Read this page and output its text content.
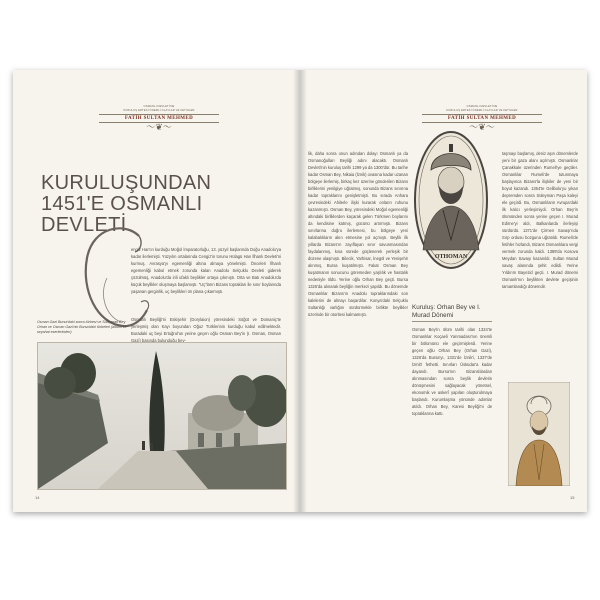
OSMANLI DEVLETİ'NE
KURULUŞ ERTESİ ÖNEMLİ OLAYLAR VE FETİHLER
FATİH SULTAN MEHMED
〜❦〜
KURULUŞUNDAN
1451'E OSMANLI DEVLETİ
engiz Han'ın kurduğu Moğol İmparatorluğu, 13. yüzyıl başlarında Doğu Anadolu'ya kadar ilerlemişti. Yüzyılın ortalarında Cengiz'in torunu Hülagü Han İlhanlı Devleti'ni kurmuş, Avrasya'yı egemenliği altına almaya yönelmişti. Önceleri İlhanlı egemenliği kabul etmek zorunda kalan Anadolu Selçuklu Devleti giderek çözülmüş, Anadolu'da irili ufaklı beylikler ortaya çıkmıştı. Orta ve Batı Anadolu'da küçük beylikler oluşmaya başlamıştı. "Uç"ların Bizans toprakları ile sınır boylarında yaşanan gerginlik, uç beylikleri ön plana çıkarmıştı.
Osmanlı Beyliği'ni Eskişehir (Dorylaion) yöresindeki Söğüt ve Domaniç'te yerleşmiş olan Kayı boyundan Oğuz Türklerinin kurduğu kabul edilmektedir. Buradaki uç beyi Ertuğrul'un yerine geçen oğlu Osman Bey'in (I. Osman, Osman Gazi) başında bulunduğu bey-
Osman Gazi Bursa'daki sonra türbesi ve Süleyman Bey Orhan ve Osman Gazi'nin Bursa'daki türbeleri (albüm ve seyahat eserlerinden)
14
OSMANLI DEVLETİ'NE
KURULUŞ ERTESİ ÖNEMLİ OLAYLAR VE FETİHLER
FATİH SULTAN MEHMED
〜❦〜
lik, daha sonra onun adından dolayı Osmanlı ya da Osmanoğulları Beyliği adını alacaktı. Osmanlı Devleti'nin kuruluş tarihi 1299 ya da 1300'dür. Bu tarihe kadar Osman Bey, Nikaia (İznik) ovasına kadar uzanan bölgeye ilerlemiş, birkaç kez üzerine gönderilen Bizans birliklerini yenilgiye uğratmış, sonunda Bizans sınırına kadar topraklarını genişletmişti. Bu sırada Anhara çevresindeki Ahilerle ilişki kurarak onların ruhunu kazanmıştı. Osman Bey, yöresindeki Moğol egemenliği altındaki birliklerden kaçarak gelen Türkmen boylarını da kendisine katmış, gücünü artırmıştı. Bizans sınırlarına doğru ilerlemesi, bu bölgeye yeni kalabalıkların akın etmesine yol açmıştı. Beylik ilk yıllarda Bizans'ın zayıflayan sınır savunmasından faydalanmış, kısa sürede güçlenerek yerleşik bir düzene ulaşmıştı. Bilecik, Yarhisar, İnegöl ve Yenişehir alınmış, Bursa kuşatılmıştı. Fakat Osman Bey kuşatmanın sonucunu göremeden yaşlılık ve hastalık nedeniyle öldü. Yerine oğlu Orhan Bey geçti. Bursa 1326'da alınarak beyliğin merkezi yapıldı. Bu dönemde Osmanlılar Bizans'ın Anadolu topraklarındaki son kalelerini de almayı başardılar. Konya'daki Selçuklu Sultanlığı varlığını sürdürmekle birlikte beylikler üzerinde bir otoritesi kalmamıştı.
OTHOMAN
Kuruluş: Orhan Bey ve I. Murad Dönemi
Osman Bey'in ölüm tarihi olan 1324'te Osmanlılar Koçaeli Yarımadası'nın önemli bir bölümünü ele geçirmişlerdi. Yerine geçen oğlu Orhan Bey (Orhan Gazi), 1326'da Bursa'yı, 1331'de İznik'i, 1337'de İzmit'i fethetti. Sınırları Üsküdar'a kadar dayandı. Bursa'nın Bizanslılardan alınmasından sonra beylik devletin dönüşmesini sağlayacak yönetsel, ekonomik ve askerî yapıları oluşturulmaya başlandı. Kurumlaşma yönünde adımlar atıldı. Orhan Bey, Karesi Beyliği'ni de topraklarına kattı.
taşmayı başlamış, deniz aşırı dönemlerde yeni bir gaza alanı açılmıştı. Osmanlılar Çanakkale üzerinden Rumeli'ye geçtiler. Osmanlılar Rumeli'de tutunmaya başlayınca Bizans'la ilişkiler de yeni bir boyut kazandı. 1354'te Gelibolu'yu yıkan depremden sonra Süleyman Paşa kaleyi ele geçirdi. Bu, Osmanlıların Avrupa'daki ilk kalıcı yerleşimiydi. Orhan Bey'in ölümünden sonra yerine geçen I. Murad Edirne'yi aldı, Balkanlarda ilerleyişi sürdürdü. 1371'de Çirmen Savaşı'nda Sırp ordusu bozguna uğratıldı. Rumeli'de fetihler hızlandı, Bizans Osmanlılara vergi vermek zorunda kaldı. 1389'da Kosova Meydan Savaşı kazanıldı. Sultan Murad savaş alanında şehit edildi. Yerine Yıldırım Bayezid geçti. I. Murad dönemi Osmanlı'nın beylikten devlete geçişinin tamamlandığı dönemdir.
15
